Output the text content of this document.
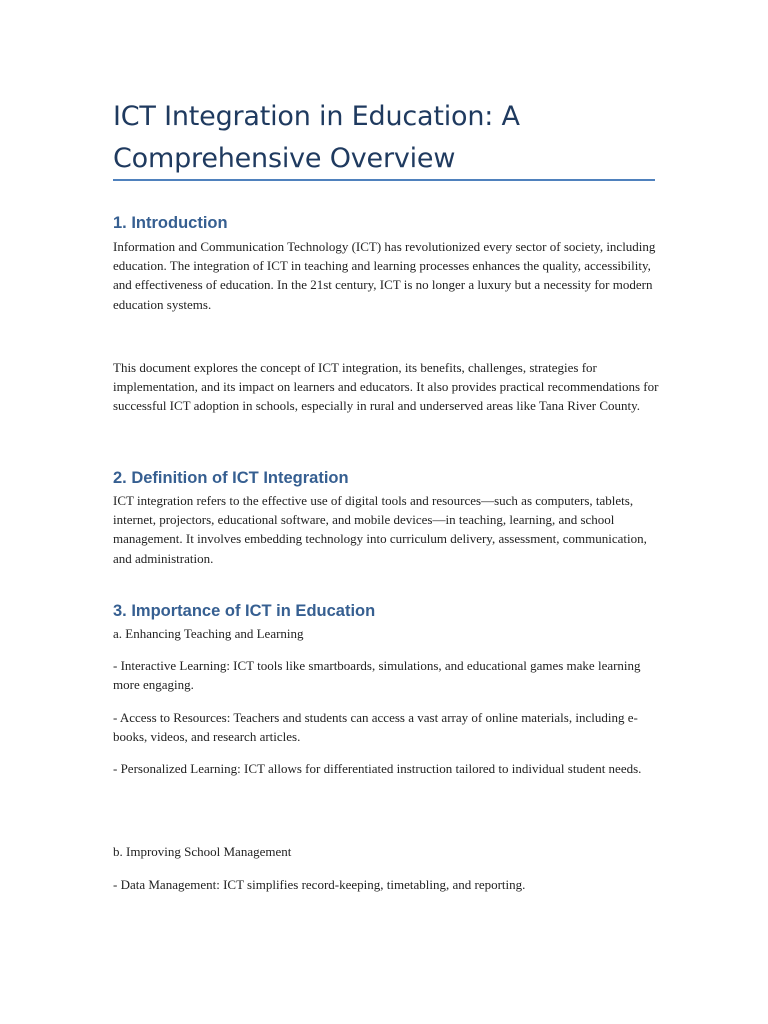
ICT Integration in Education: A Comprehensive Overview
1. Introduction

Information and Communication Technology (ICT) has revolutionized every sector of society, including education. The integration of ICT in teaching and learning processes enhances the quality, accessibility, and effectiveness of education. In the 21st century, ICT is no longer a luxury but a necessity for modern education systems.

This document explores the concept of ICT integration, its benefits, challenges, strategies for implementation, and its impact on learners and educators. It also provides practical recommendations for successful ICT adoption in schools, especially in rural and underserved areas like Tana River County.

2. Definition of ICT Integration

ICT integration refers to the effective use of digital tools and resources—such as computers, tablets, internet, projectors, educational software, and mobile devices—in teaching, learning, and school management. It involves embedding technology into curriculum delivery, assessment, communication, and administration.

3. Importance of ICT in Education

a. Enhancing Teaching and Learning

- Interactive Learning: ICT tools like smartboards, simulations, and educational games make learning more engaging.

- Access to Resources: Teachers and students can access a vast array of online materials, including e-books, videos, and research articles.

- Personalized Learning: ICT allows for differentiated instruction tailored to individual student needs.

b. Improving School Management

- Data Management: ICT simplifies record-keeping, timetabling, and reporting.
